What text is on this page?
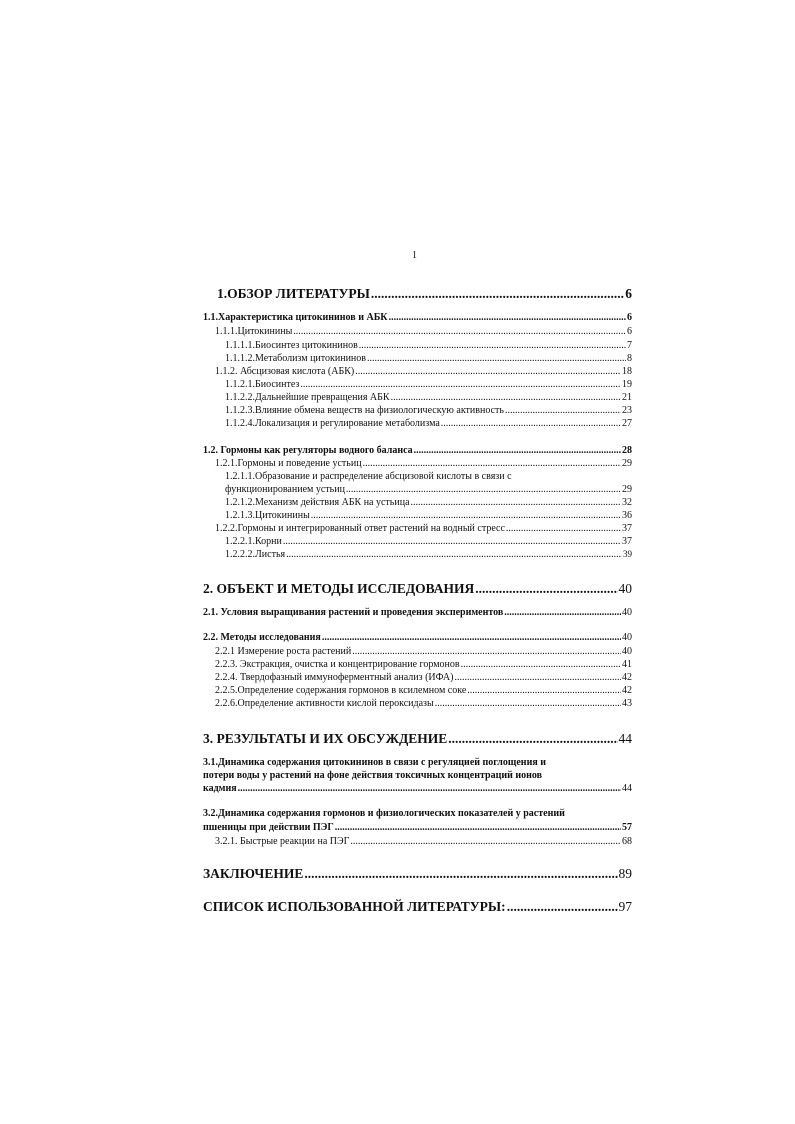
1
1.ОБЗОР ЛИТЕРАТУРЫ .....	6
1.1.Характеристика цитокининов и АБК .....	6
1.1.1.Цитокинины .....	6
1.1.1.1.Биосинтез цитокининов .....	7
1.1.1.2.Метаболизм цитокининов .....	8
1.1.2. Абсцизовая кислота (АБК) .....	18
1.1.2.1.Биосинтез .....	19
1.1.2.2.Дальнейшие превращения АБК .....	21
1.1.2.3.Влияние обмена веществ на физиологическую активность .....	23
1.1.2.4.Локализация и регулирование метаболизма .....	27
1.2. Гормоны как регуляторы водного баланса .....	28
1.2.1.Гормоны и поведение устьиц .....	29
1.2.1.1.Образование и распределение абсцизовой кислоты в связи с
функционированием устьиц .....	29
1.2.1.2.Механизм действия АБК на устьица .....	32
1.2.1.3.Цитокинины .....	36
1.2.2.Гормоны и интегрированный ответ растений на водный стресс .....	37
1.2.2.1.Корни .....	37
1.2.2.2.Листья .....	39
2. ОБЪЕКТ И МЕТОДЫ ИССЛЕДОВАНИЯ .....	40
2.1. Условия выращивания растений и проведения экспериментов .....	40
2.2. Методы исследования .....	40
2.2.1 Измерение роста растений .....	40
2.2.3. Экстракция, очистка и концентрирование гормонов .....	41
2.2.4. Твердофазный иммуноферментный анализ (ИФА) .....	42
2.2.5.Определение содержания гормонов в ксилемном соке .....	42
2.2.6.Определение активности кислой пероксидазы .....	43
3. РЕЗУЛЬТАТЫ И ИХ ОБСУЖДЕНИЕ .....	44
3.1.Динамика содержания цитокининов в связи с регуляцией поглощения и
потери воды у растений на фоне действия токсичных концентраций ионов
кадмия .....	44
3.2.Динамика содержания гормонов и физиологических показателей у растений
пшеницы при действии ПЭГ .....	57
3.2.1. Быстрые реакции на ПЭГ .....	68
ЗАКЛЮЧЕНИЕ .....	89
СПИСОК ИСПОЛЬЗОВАННОЙ ЛИТЕРАТУРЫ: .....	97
